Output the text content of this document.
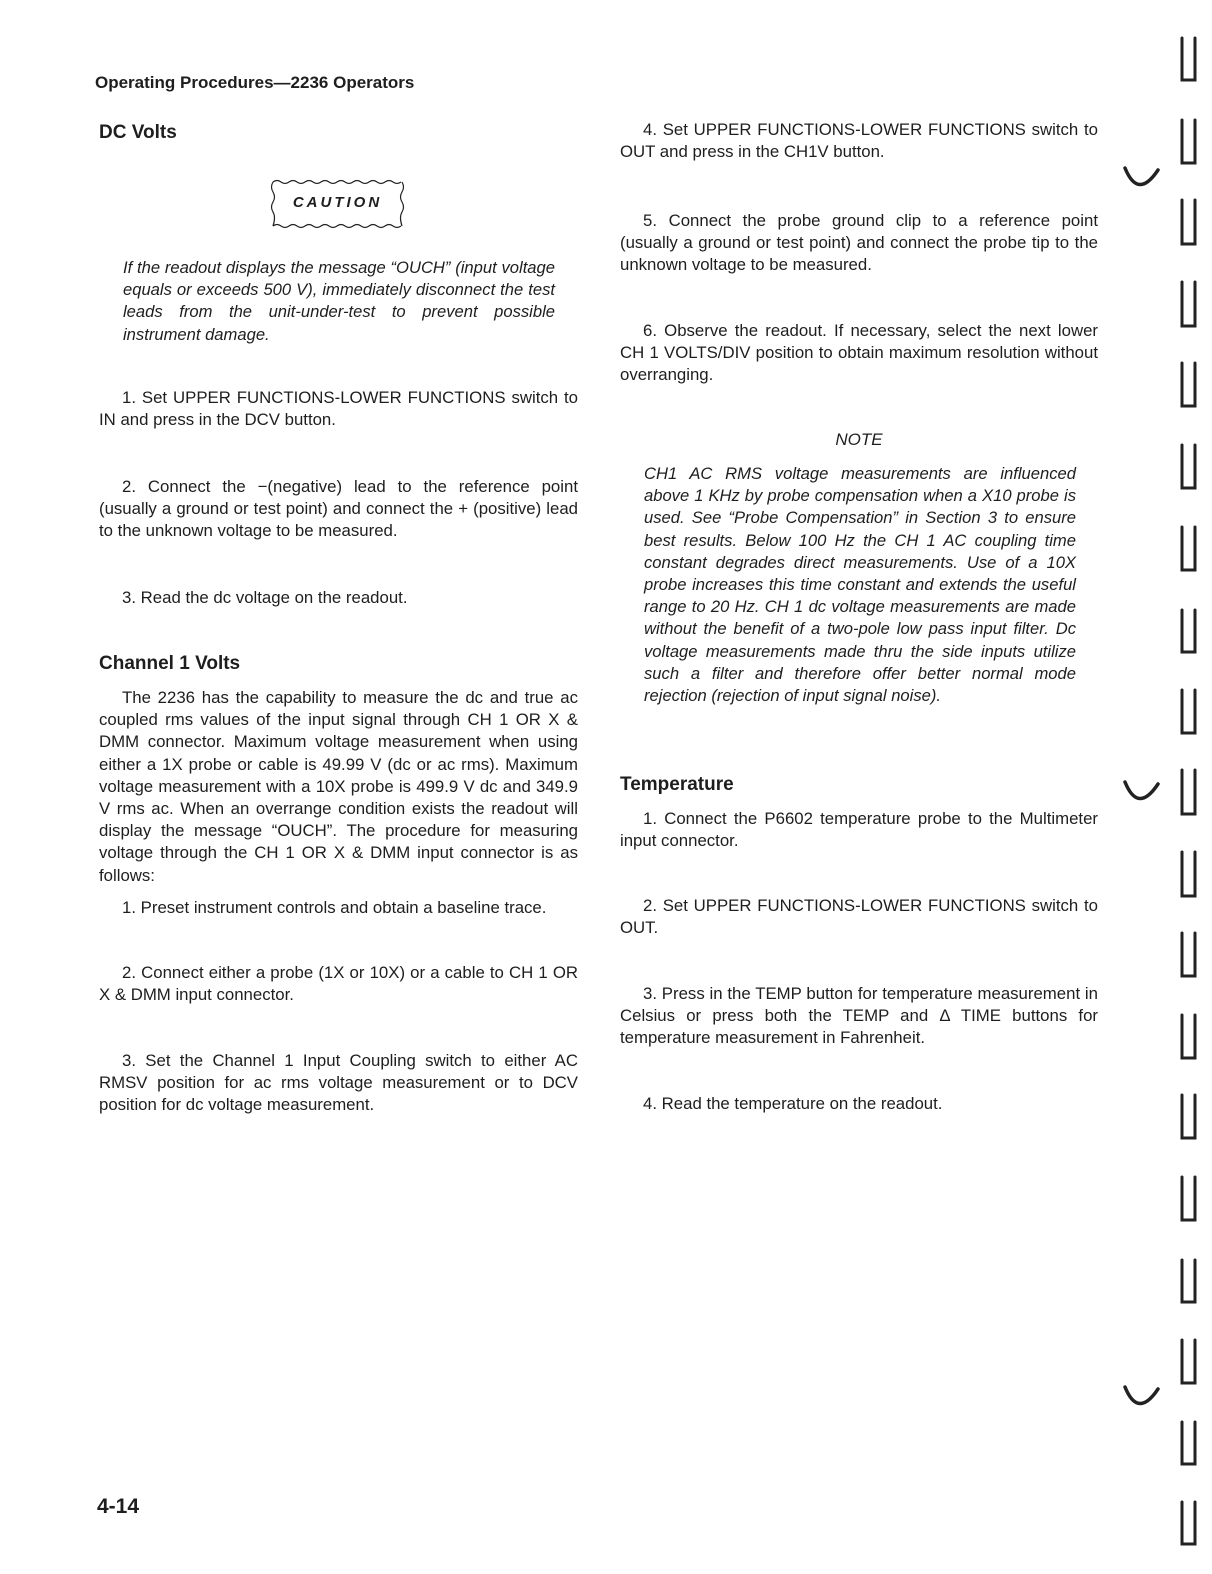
Operating Procedures—2236 Operators
DC Volts
CAUTION
If the readout displays the message “OUCH” (input voltage equals or exceeds 500 V), immediately disconnect the test leads from the unit-under-test to prevent possible instrument damage.
1. Set UPPER FUNCTIONS-LOWER FUNCTIONS switch to IN and press in the DCV button.
2. Connect the −(negative) lead to the reference point (usually a ground or test point) and connect the + (positive) lead to the unknown voltage to be measured.
3. Read the dc voltage on the readout.
Channel 1 Volts
The 2236 has the capability to measure the dc and true ac coupled rms values of the input signal through CH 1 OR X & DMM connector. Maximum voltage measurement when using either a 1X probe or cable is 49.99 V (dc or ac rms). Maximum voltage measurement with a 10X probe is 499.9 V dc and 349.9 V rms ac. When an overrange condition exists the readout will display the message “OUCH”. The procedure for measuring voltage through the CH 1 OR X & DMM input connector is as follows:
1. Preset instrument controls and obtain a baseline trace.
2. Connect either a probe (1X or 10X) or a cable to CH 1 OR X & DMM input connector.
3. Set the Channel 1 Input Coupling switch to either AC RMSV position for ac rms voltage measurement or to DCV position for dc voltage measurement.
4. Set UPPER FUNCTIONS-LOWER FUNCTIONS switch to OUT and press in the CH1V button.
5. Connect the probe ground clip to a reference point (usually a ground or test point) and connect the probe tip to the unknown voltage to be measured.
6. Observe the readout. If necessary, select the next lower CH 1 VOLTS/DIV position to obtain maximum resolution without overranging.
NOTE
CH1 AC RMS voltage measurements are influenced above 1 KHz by probe compensation when a X10 probe is used. See “Probe Compensation” in Section 3 to ensure best results. Below 100 Hz the CH 1 AC coupling time constant degrades direct measurements. Use of a 10X probe increases this time constant and extends the useful range to 20 Hz. CH 1 dc voltage measurements are made without the benefit of a two-pole low pass input filter. Dc voltage measurements made thru the side inputs utilize such a filter and therefore offer better normal mode rejection (rejection of input signal noise).
Temperature
1. Connect the P6602 temperature probe to the Multimeter input connector.
2. Set UPPER FUNCTIONS-LOWER FUNCTIONS switch to OUT.
3. Press in the TEMP button for temperature measurement in Celsius or press both the TEMP and Δ TIME buttons for temperature measurement in Fahrenheit.
4. Read the temperature on the readout.
4-14
